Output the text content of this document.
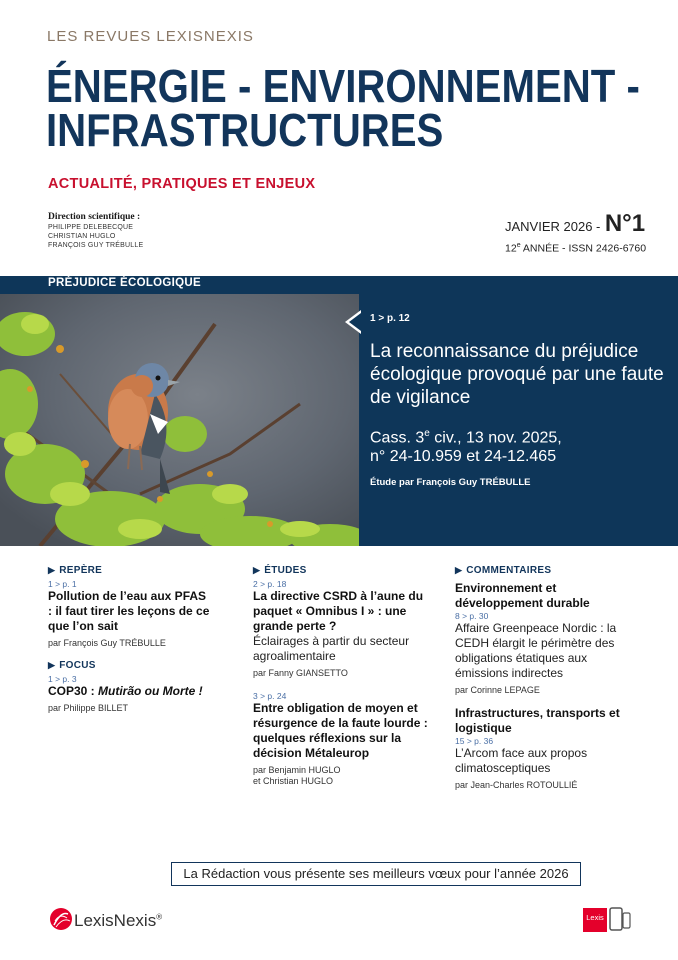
LES REVUES LEXISNEXIS
ÉNERGIE - ENVIRONNEMENT -
INFRASTRUCTURES
ACTUALITÉ, PRATIQUES ET ENJEUX
Direction scientifique :
PHILIPPE DELEBECQUE
CHRISTIAN HUGLO
FRANÇOIS GUY TRÉBULLE
JANVIER 2026 - N°1
12e ANNÉE - ISSN 2426-6760
PRÉJUDICE ÉCOLOGIQUE
1 > p. 12
La reconnaissance du préjudice écologique provoqué par une faute de vigilance
Cass. 3e civ., 13 nov. 2025,
n° 24-10.959 et 24-12.465
Étude par François Guy TRÉBULLE
▶ REPÈRE
1 > p. 1
Pollution de l’eau aux PFAS : il faut tirer les leçons de ce que l’on sait
par François Guy TRÉBULLE
▶ FOCUS
1 > p. 3
COP30 : Mutirão ou Morte !
par Philippe BILLET
▶ ÉTUDES
2 > p. 18
La directive CSRD à l’aune du paquet « Omnibus I » : une grande perte ?
Éclairages à partir du secteur agroalimentaire
par Fanny GIANSETTO
3 > p. 24
Entre obligation de moyen et résurgence de la faute lourde : quelques réflexions sur la décision Métaleurop
par Benjamin HUGLO
et Christian HUGLO
▶ COMMENTAIRES
Environnement et développement durable
8 > p. 30
Affaire Greenpeace Nordic : la CEDH élargit le périmètre des obligations étatiques aux émissions indirectes
par Corinne LEPAGE
Infrastructures, transports et logistique
15 > p. 36
L’Arcom face aux propos climatosceptiques
par Jean-Charles ROTOULLIÉ
La Rédaction vous présente ses meilleurs vœux pour l’année 2026
LexisNexis®	Lexis
